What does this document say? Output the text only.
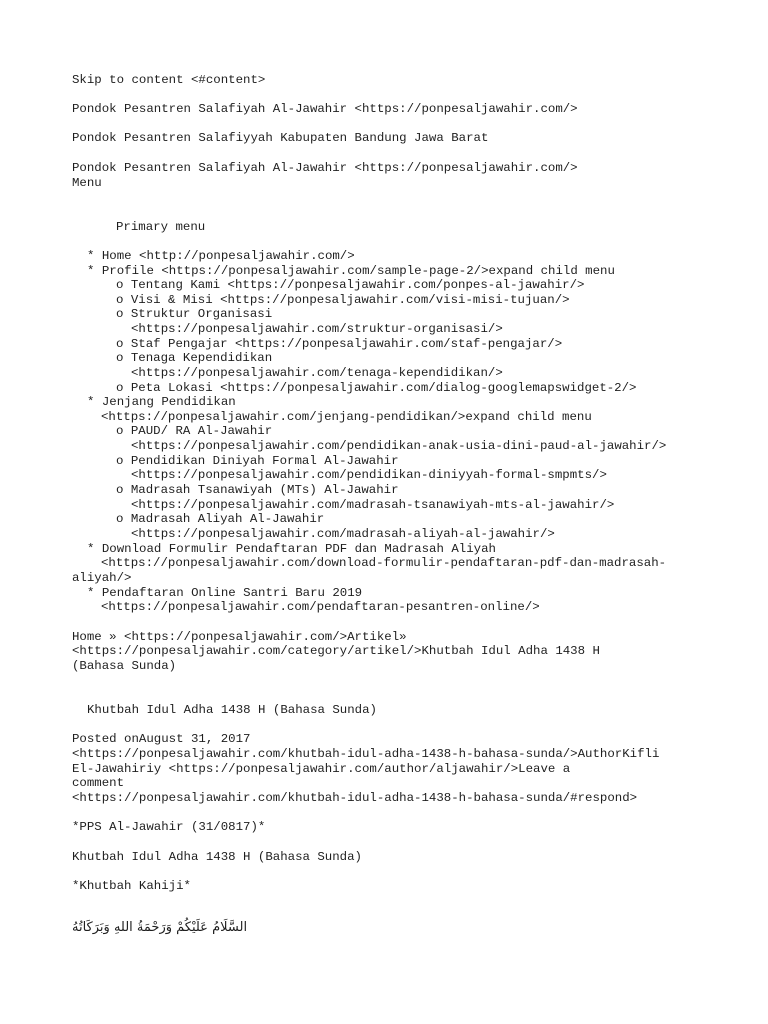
Skip to content <#content>

Pondok Pesantren Salafiyah Al-Jawahir <https://ponpesaljawahir.com/>

Pondok Pesantren Salafiyyah Kabupaten Bandung Jawa Barat

Pondok Pesantren Salafiyah Al-Jawahir <https://ponpesaljawahir.com/>

Menu

Primary menu

* Home <http://ponpesaljawahir.com/>

* Profile <https://ponpesaljawahir.com/sample-page-2/>expand child menu

o Tentang Kami <https://ponpesaljawahir.com/ponpes-al-jawahir/>

o Visi & Misi <https://ponpesaljawahir.com/visi-misi-tujuan/>

o Struktur Organisasi

<https://ponpesaljawahir.com/struktur-organisasi/>

o Staf Pengajar <https://ponpesaljawahir.com/staf-pengajar/>

o Tenaga Kependidikan

<https://ponpesaljawahir.com/tenaga-kependidikan/>

o Peta Lokasi <https://ponpesaljawahir.com/dialog-googlemapswidget-2/>

* Jenjang Pendidikan

<https://ponpesaljawahir.com/jenjang-pendidikan/>expand child menu

o PAUD/ RA Al-Jawahir

<https://ponpesaljawahir.com/pendidikan-anak-usia-dini-paud-al-jawahir/>

o Pendidikan Diniyah Formal Al-Jawahir

<https://ponpesaljawahir.com/pendidikan-diniyyah-formal-smpmts/>

o Madrasah Tsanawiyah (MTs) Al-Jawahir

<https://ponpesaljawahir.com/madrasah-tsanawiyah-mts-al-jawahir/>

o Madrasah Aliyah Al-Jawahir

<https://ponpesaljawahir.com/madrasah-aliyah-al-jawahir/>

* Download Formulir Pendaftaran PDF dan Madrasah Aliyah

<https://ponpesaljawahir.com/download-formulir-pendaftaran-pdf-dan-madrasah-

aliyah/>

* Pendaftaran Online Santri Baru 2019

<https://ponpesaljawahir.com/pendaftaran-pesantren-online/>

Home » <https://ponpesaljawahir.com/>Artikel»

<https://ponpesaljawahir.com/category/artikel/>Khutbah Idul Adha 1438 H

(Bahasa Sunda)

Khutbah Idul Adha 1438 H (Bahasa Sunda)

Posted onAugust 31, 2017

<https://ponpesaljawahir.com/khutbah-idul-adha-1438-h-bahasa-sunda/>AuthorKifli

El-Jawahiriy <https://ponpesaljawahir.com/author/aljawahir/>Leave a

comment

<https://ponpesaljawahir.com/khutbah-idul-adha-1438-h-bahasa-sunda/#respond>

*PPS Al-Jawahir (31/0817)*

Khutbah Idul Adha 1438 H (Bahasa Sunda)

*Khutbah Kahiji*

السَّلَامُ عَلَيْكُمْ وَرَحْمَةُ اللهِ وَبَرَكَاتُهُ
